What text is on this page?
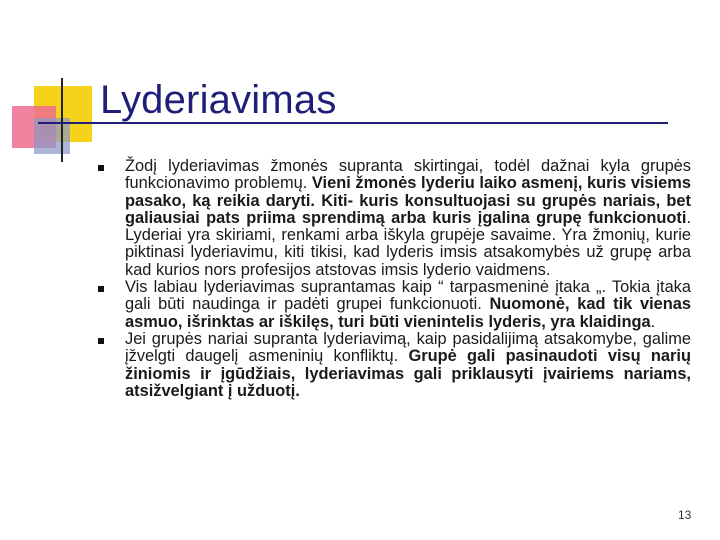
Lyderiavimas
Žodį lyderiavimas žmonės supranta skirtingai, todėl dažnai kyla grupės funkcionavimo problemų. Vieni žmonės lyderiu laiko asmenį, kuris visiems pasako, ką reikia daryti. Kiti- kuris konsultuojasi su grupės nariais, bet galiausiai pats priima sprendimą arba kuris įgalina grupę funkcionuoti. Lyderiai yra skiriami, renkami arba iškyla grupėje savaime. Yra žmonių, kurie piktinasi lyderiavimu, kiti tikisi, kad lyderis imsis atsakomybės už grupę arba kad kurios nors profesijos atstovas imsis lyderio vaidmens.
Vis labiau lyderiavimas suprantamas kaip “ tarpasmeninė įtaka „. Tokia įtaka gali būti naudinga ir padėti grupei funkcionuoti. Nuomonė, kad tik vienas asmuo, išrinktas ar iškilęs, turi būti vienintelis lyderis, yra klaidinga.
Jei grupės nariai supranta lyderiavimą, kaip pasidalijimą atsakomybe, galime įžvelgti daugelį asmeninių konfliktų. Grupė gali pasinaudoti visų narių žiniomis ir įgūdžiais, lyderiavimas gali priklausyti įvairiems nariams, atsižvelgiant į užduotį.
13
